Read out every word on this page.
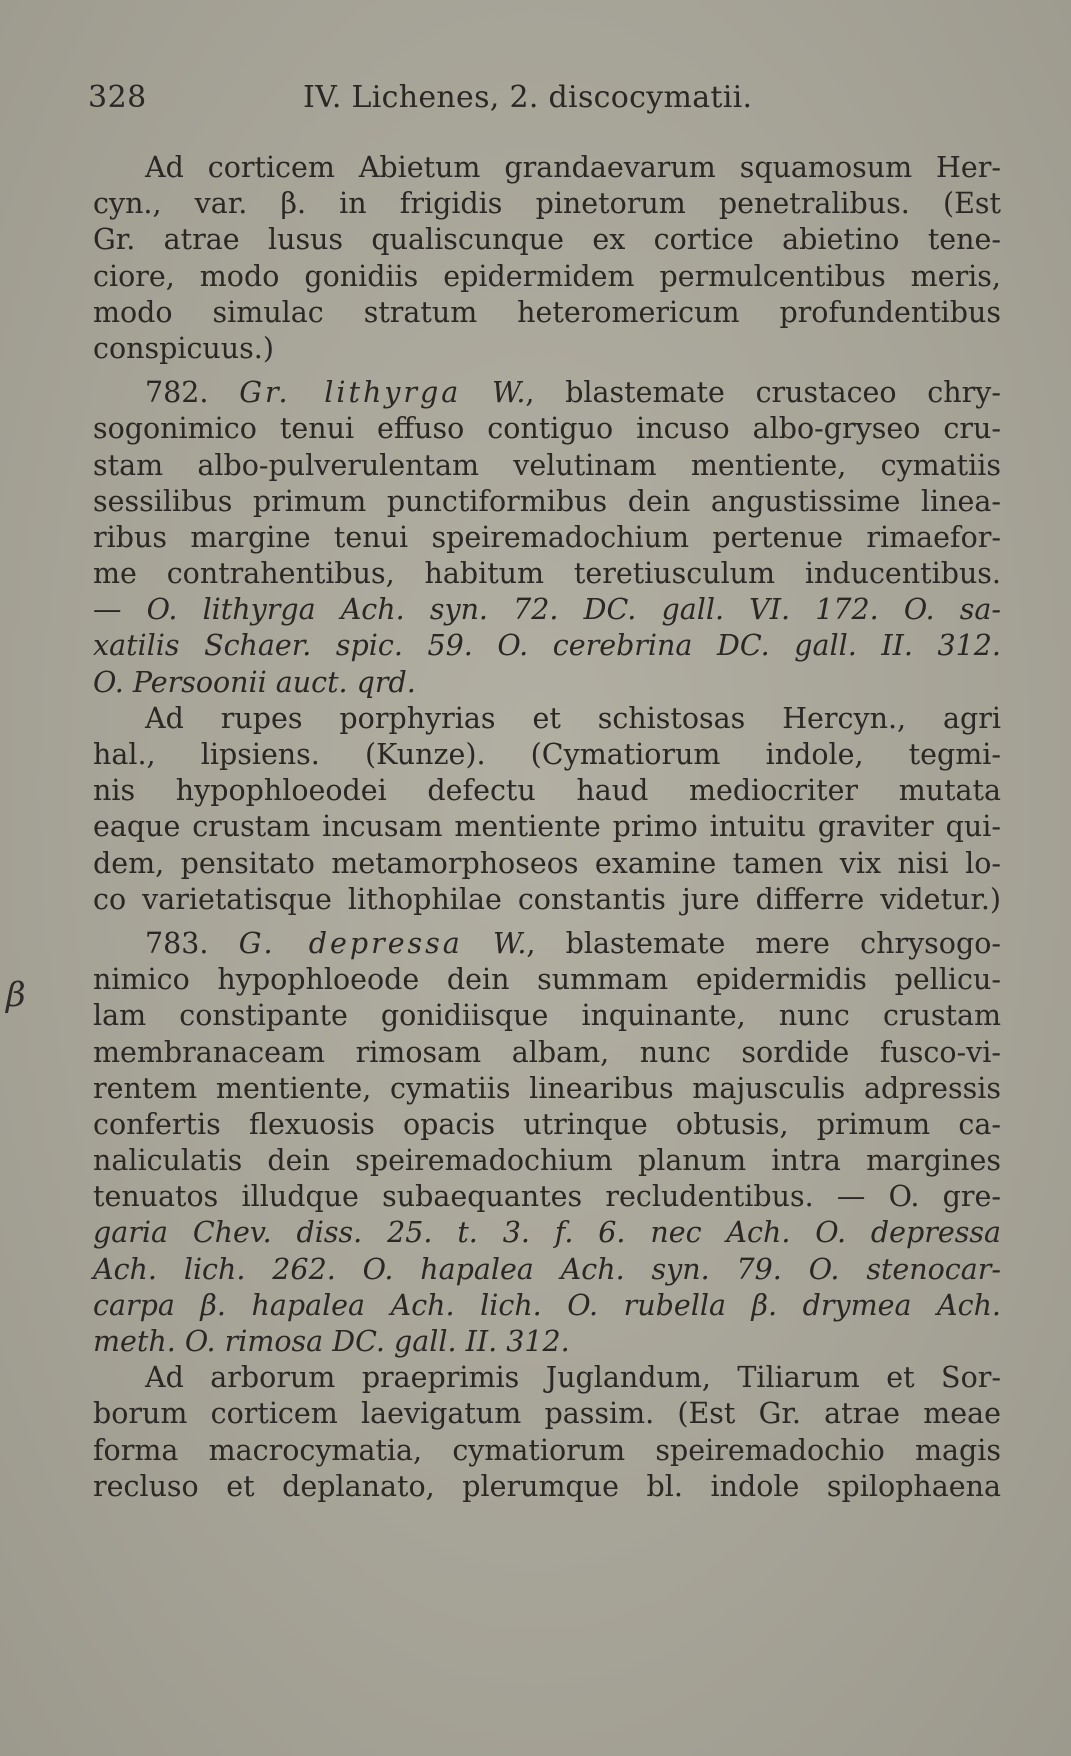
328	IV. Lichenes, 2. discocymatii.
β
Ad corticem Abietum grandaevarum squamosum Her-
cyn., var. β. in frigidis pinetorum penetralibus. (Est
Gr. atrae lusus qualiscunque ex cortice abietino tene-
ciore, modo gonidiis epidermidem permulcentibus meris,
modo simulac stratum heteromericum profundentibus
conspicuus.)
782. Gr. lithyrga W., blastemate crustaceo chry-
sogonimico tenui effuso contiguo incuso albo-gryseo cru-
stam albo-pulverulentam velutinam mentiente, cymatiis
sessilibus primum punctiformibus dein angustissime linea-
ribus margine tenui speiremadochium pertenue rimaefor-
me contrahentibus, habitum teretiusculum inducentibus.
— O. lithyrga Ach. syn. 72. DC. gall. VI. 172. O. sa-
xatilis Schaer. spic. 59. O. cerebrina DC. gall. II. 312.
O. Persoonii auct. qrd.
Ad rupes porphyrias et schistosas Hercyn., agri
hal., lipsiens. (Kunze). (Cymatiorum indole, tegmi-
nis hypophloeodei defectu haud mediocriter mutata
eaque crustam incusam mentiente primo intuitu graviter qui-
dem, pensitato metamorphoseos examine tamen vix nisi lo-
co varietatisque lithophilae constantis jure differre videtur.)
783. G. depressa W., blastemate mere chrysogo-
nimico hypophloeode dein summam epidermidis pellicu-
lam constipante gonidiisque inquinante, nunc crustam
membranaceam rimosam albam, nunc sordide fusco-vi-
rentem mentiente, cymatiis linearibus majusculis adpressis
confertis flexuosis opacis utrinque obtusis, primum ca-
naliculatis dein speiremadochium planum intra margines
tenuatos illudque subaequantes recludentibus. — O. gre-
garia Chev. diss. 25. t. 3. f. 6. nec Ach. O. depressa
Ach. lich. 262. O. hapalea Ach. syn. 79. O. stenocar-
carpa β. hapalea Ach. lich. O. rubella β. drymea Ach.
meth. O. rimosa DC. gall. II. 312.
Ad arborum praeprimis Juglandum, Tiliarum et Sor-
borum corticem laevigatum passim. (Est Gr. atrae meae
forma macrocymatia, cymatiorum speiremadochio magis
recluso et deplanato, plerumque bl. indole spilophaena
